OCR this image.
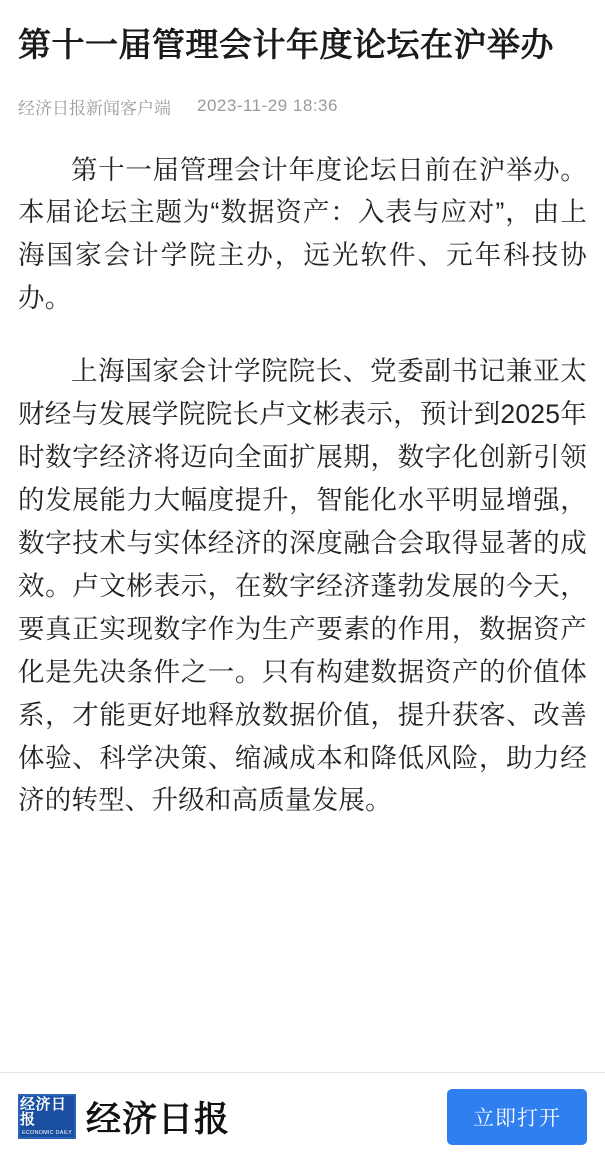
第十一届管理会计年度论坛在沪举办
经济日报新闻客户端 2023-11-29 18:36

第十一届管理会计年度论坛日前在沪举办。本届论坛主题为“数据资产：入表与应对”，由上海国家会计学院主办，远光软件、元年科技协办。

上海国家会计学院院长、党委副书记兼亚太财经与发展学院院长卢文彬表示，预计到2025年时数字经济将迈向全面扩展期，数字化创新引领的发展能力大幅度提升，智能化水平明显增强，数字技术与实体经济的深度融合会取得显著的成效。卢文彬表示，在数字经济蓬勃发展的今天，要真正实现数字作为生产要素的作用，数据资产化是先决条件之一。只有构建数据资产的价值体系，才能更好地释放数据价值，提升获客、改善体验、科学决策、缩减成本和降低风险，助力经济的转型、升级和高质量发展。

经济日报
ECONOMIC DAILY 经济日报	立即打开
